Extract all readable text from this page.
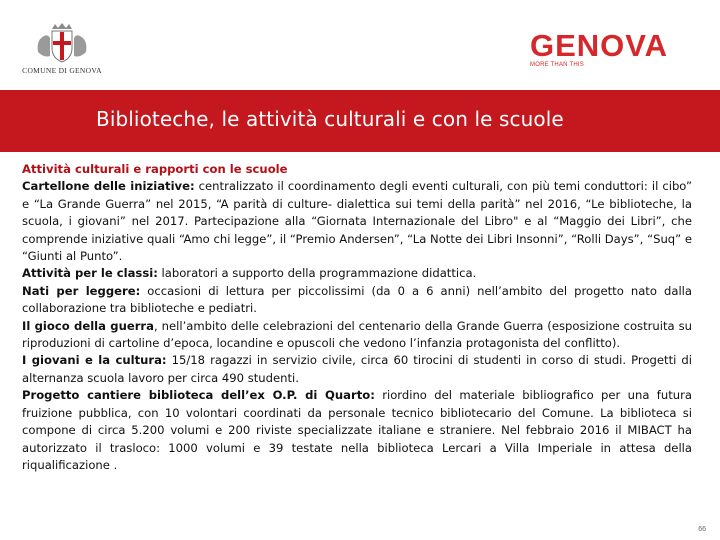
COMUNE DI GENOVA
GENOVA
MORE THAN THIS
Biblioteche, le attività culturali e con le scuole

Attività culturali e rapporti con le scuole

Cartellone delle iniziative: centralizzato il coordinamento degli eventi culturali, con più temi conduttori: il cibo” e “La Grande Guerra” nel 2015, “A parità di culture- dialettica sui temi della parità” nel 2016, “Le biblioteche, la scuola, i giovani” nel 2017. Partecipazione alla “Giornata Internazionale del Libro" e al “Maggio dei Libri”, che comprende iniziative quali “Amo chi legge”, il “Premio Andersen”, “La Notte dei Libri Insonni”, “Rolli Days”, “Suq” e “Giunti al Punto”.

Attività per le classi: laboratori a supporto della programmazione didattica.

Nati per leggere: occasioni di lettura per piccolissimi (da 0 a 6 anni) nell’ambito del progetto nato dalla collaborazione tra biblioteche e pediatri.

Il gioco della guerra, nell’ambito delle celebrazioni del centenario della Grande Guerra (esposizione costruita su riproduzioni di cartoline d’epoca, locandine e opuscoli che vedono l’infanzia protagonista del conflitto).

I giovani e la cultura: 15/18 ragazzi in servizio civile, circa 60 tirocini di studenti in corso di studi. Progetti di alternanza scuola lavoro per circa 490 studenti.

Progetto cantiere biblioteca dell’ex O.P. di Quarto: riordino del materiale bibliografico per una futura fruizione pubblica, con 10 volontari coordinati da personale tecnico bibliotecario del Comune. La biblioteca si compone di circa 5.200 volumi e 200 riviste specializzate italiane e straniere. Nel febbraio 2016 il MIBACT ha autorizzato il trasloco: 1000 volumi e 39 testate nella biblioteca Lercari a Villa Imperiale in attesa della riqualificazione .

66
